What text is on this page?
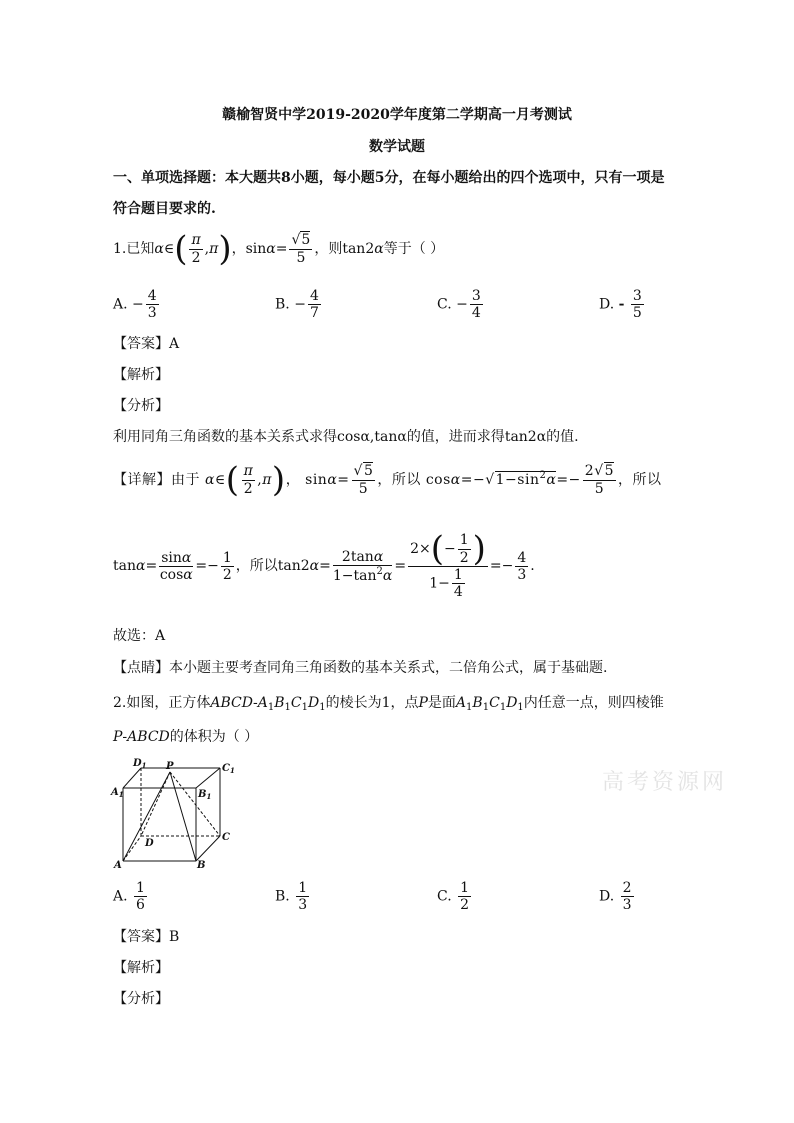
赣榆智贤中学2019-2020学年度第二学期高一月考测试
数学试题
一、单项选择题：本大题共8小题，每小题5分，在每小题给出的四个选项中，只有一项是
符合题目要求的.
1.已知α∈( $\frac{\pi}{2} ,\pi$)，$\sin\alpha= \frac{√5}{5}$ ，则tan2α等于（ ）
A. − $\frac{4}{3}$	B. − $\frac{4}{7}$	C. − $\frac{3}{4}$	D. - $\frac{3}{5}$
【答案】A
【解析】
【分析】
利用同角三角函数的基本关系式求得cosα,tanα的值，进而求得tan2α的值.
【详解】由于 α∈( $\frac{\pi}{2} ,\pi$)， $\sin\alpha= \frac{√5}{5}$ ，所以 $\cos\alpha=-√1-\sin^2\alpha=- \frac{2√5}{5}$ ，所以
$\tan\alpha= \frac{\sin\alpha}{\cos\alpha} =- \frac{1}{2}$ ，所以$\tan 2\alpha= \frac{2\tan\alpha}{1-\tan^2\alpha} = \frac{2\times(- \frac{1}{2} )}{1- \frac{1}{4}} =- \frac{4}{3}$ .
故选：A
【点睛】本小题主要考查同角三角函数的基本关系式，二倍角公式，属于基础题.
2.如图，正方体ABCD-$A_1B_1C_1D_1$的棱长为1，点P是面$A_1B_1C_1D_1$内任意一点，则四棱锥
P-ABCD的体积为（ ）
$D_1$ P	$C_1$
$A_1$	$B_1$
D
C
A	B
高考资源网
A. $\frac{1}{6}$	B. $\frac{1}{3}$	C. $\frac{1}{2}$	D. $\frac{2}{3}$
【答案】B
【解析】
【分析】
